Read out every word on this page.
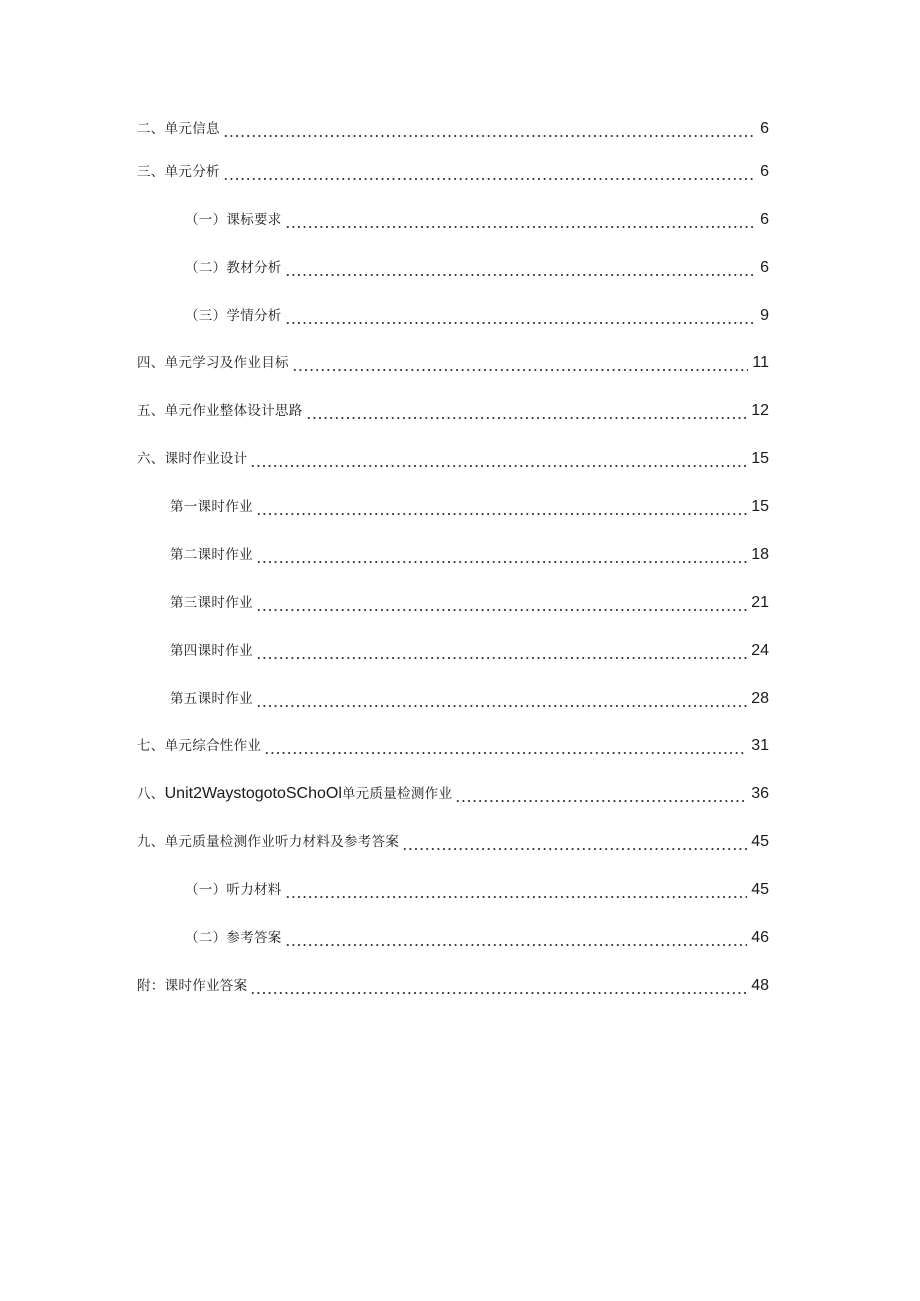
二、单元信息	6
三、单元分析	6
（一）课标要求	6
（二）教材分析	6
（三）学情分析	9
四、单元学习及作业目标	11
五、单元作业整体设计思路	12
六、课时作业设计	15
第一课时作业	15
第二课时作业	18
第三课时作业	21
第四课时作业	24
第五课时作业	28
七、单元综合性作业	31
八、Unit2WaystogotoSChoOl单元质量检测作业	36
九、单元质量检测作业听力材料及参考答案	45
（一）听力材料	45
（二）参考答案	46
附：课时作业答案	48
